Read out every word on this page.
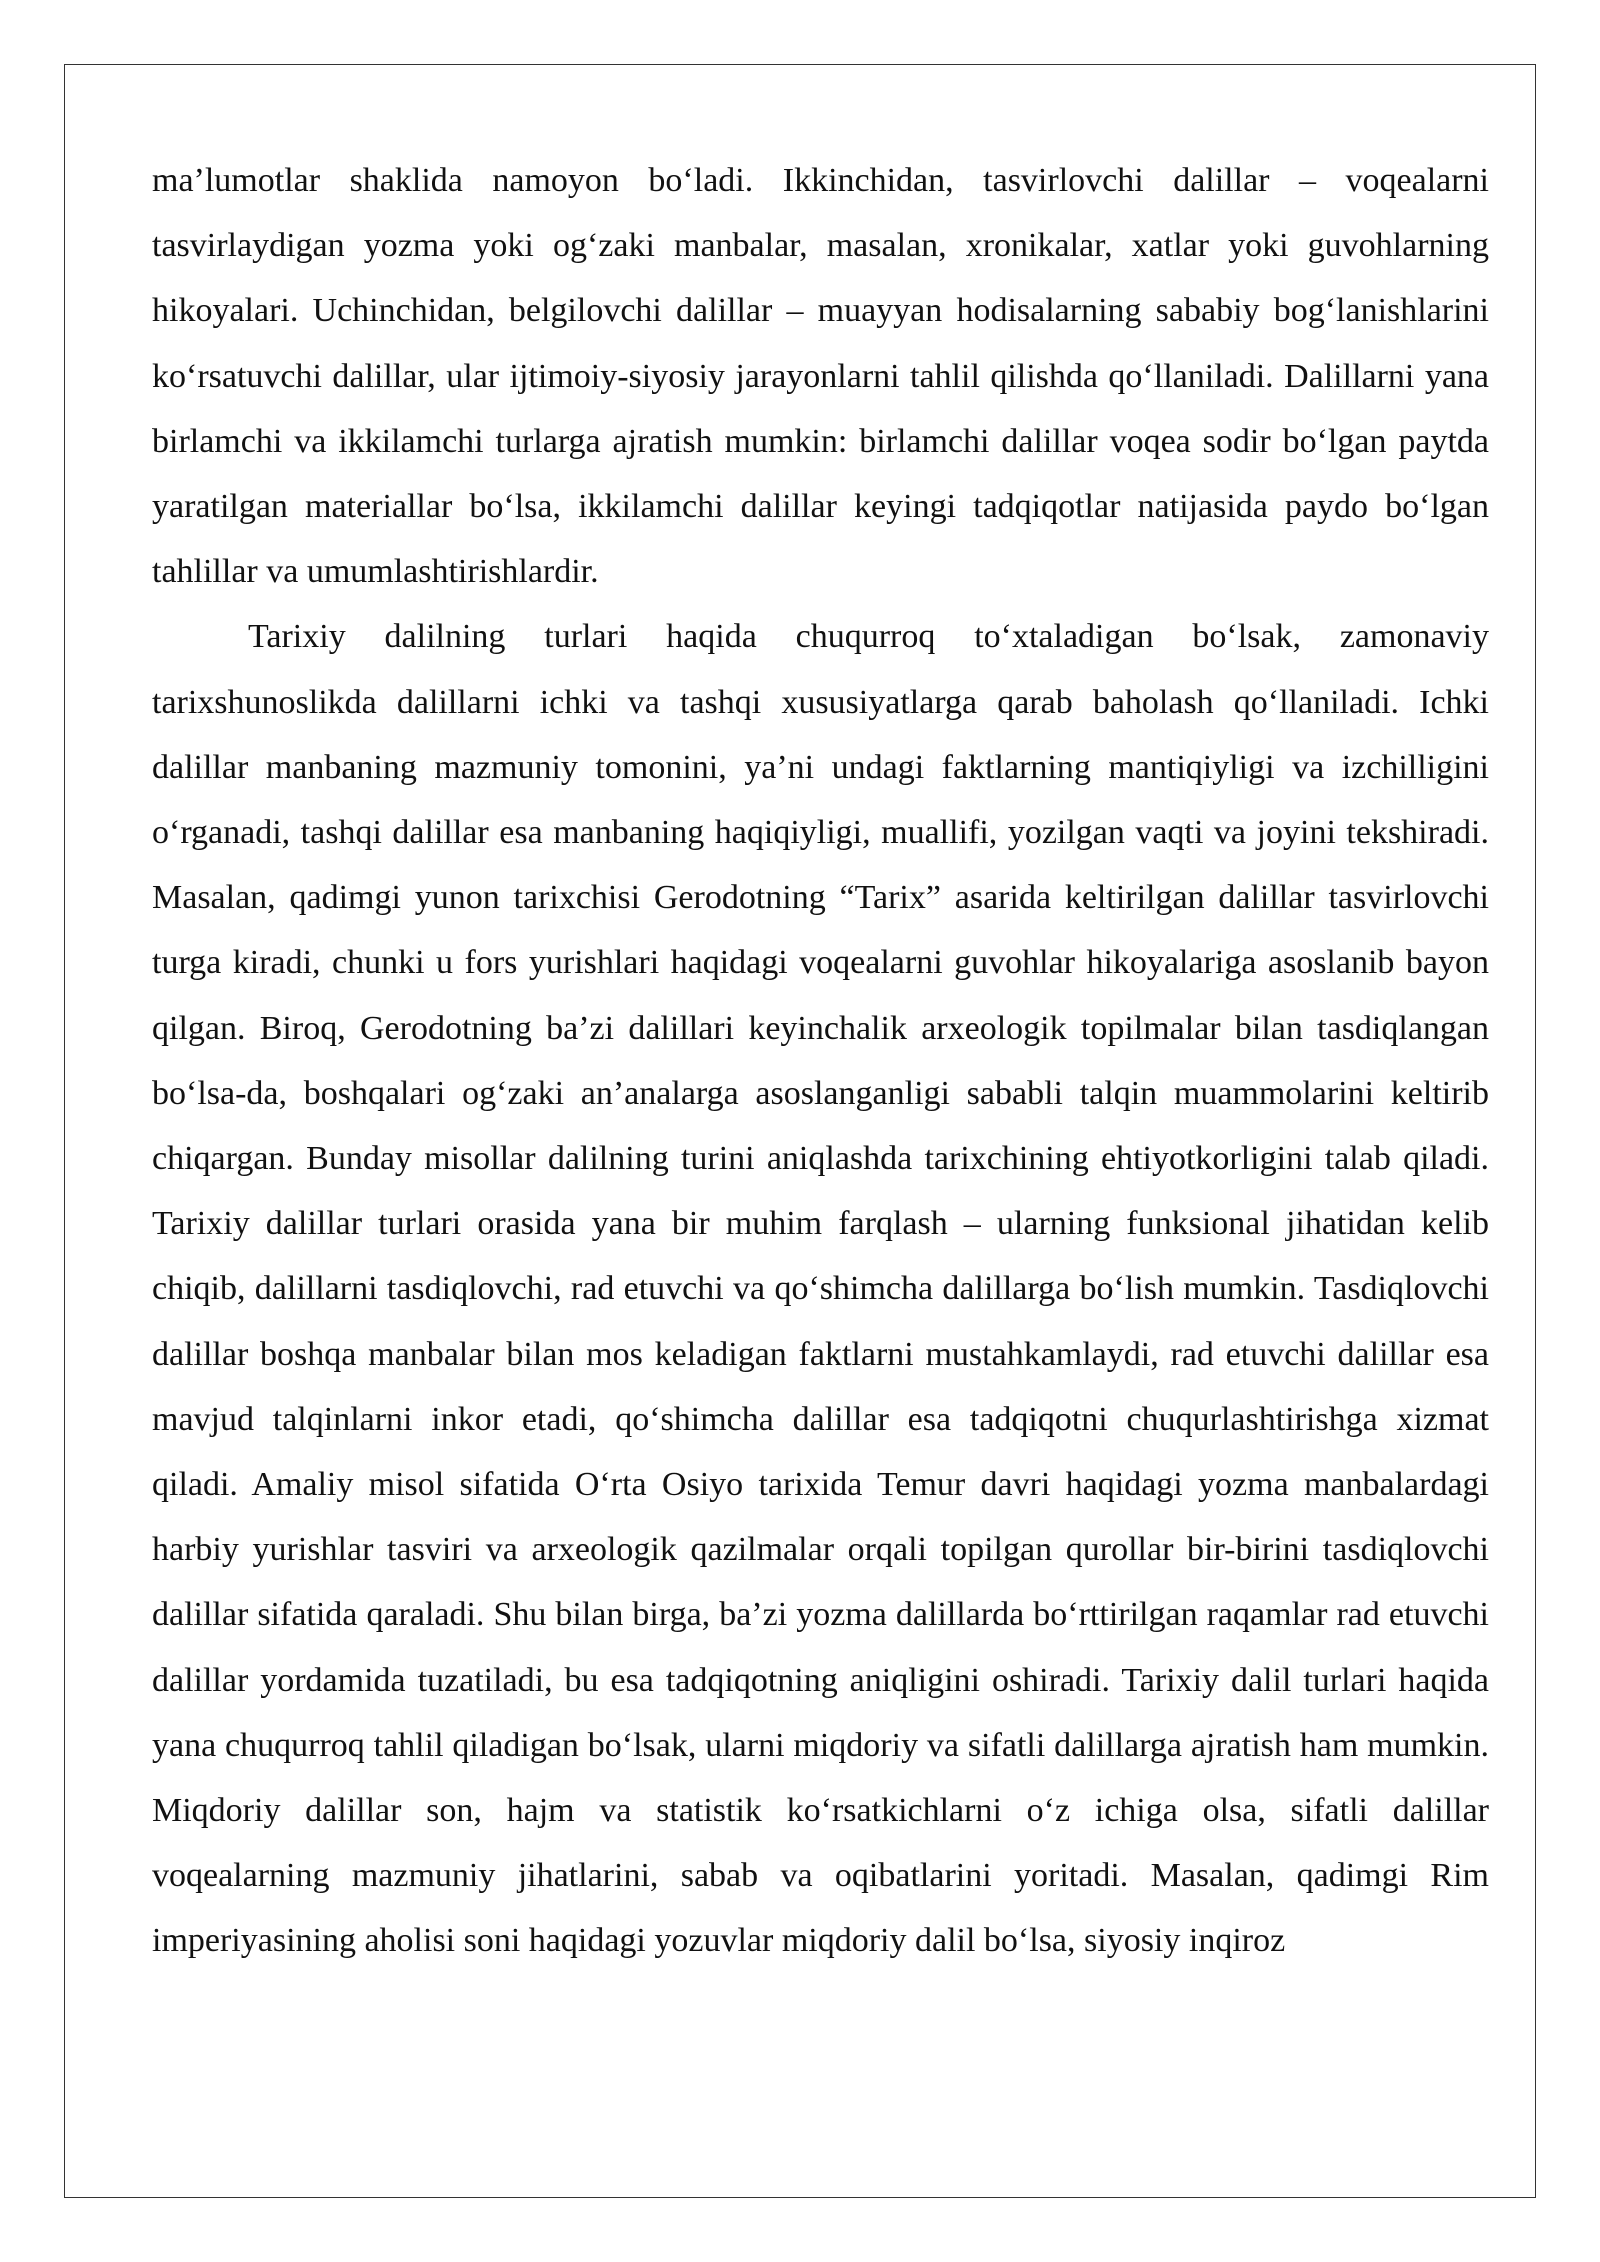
ma’lumotlar shaklida namoyon bo‘ladi. Ikkinchidan, tasvirlovchi dalillar – voqealarni tasvirlaydigan yozma yoki og‘zaki manbalar, masalan, xronikalar, xatlar yoki guvohlarning hikoyalari. Uchinchidan, belgilovchi dalillar – muayyan hodisalarning sababiy bog‘lanishlarini ko‘rsatuvchi dalillar, ular ijtimoiy-siyosiy jarayonlarni tahlil qilishda qo‘llaniladi. Dalillarni yana birlamchi va ikkilamchi turlarga ajratish mumkin: birlamchi dalillar voqea sodir bo‘lgan paytda yaratilgan materiallar bo‘lsa, ikkilamchi dalillar keyingi tadqiqotlar natijasida paydo bo‘lgan tahlillar va umumlashtirishlardir.

Tarixiy dalilning turlari haqida chuqurroq to‘xtaladigan bo‘lsak, zamonaviy tarixshunoslikda dalillarni ichki va tashqi xususiyatlarga qarab baholash qo‘llaniladi. Ichki dalillar manbaning mazmuniy tomonini, ya’ni undagi faktlarning mantiqiyligi va izchilligini o‘rganadi, tashqi dalillar esa manbaning haqiqiyligi, muallifi, yozilgan vaqti va joyini tekshiradi. Masalan, qadimgi yunon tarixchisi Gerodotning “Tarix” asarida keltirilgan dalillar tasvirlovchi turga kiradi, chunki u fors yurishlari haqidagi voqealarni guvohlar hikoyalariga asoslanib bayon qilgan. Biroq, Gerodotning ba’zi dalillari keyinchalik arxeologik topilmalar bilan tasdiqlangan bo‘lsa-da, boshqalari og‘zaki an’analarga asoslanganligi sababli talqin muammolarini keltirib chiqargan. Bunday misollar dalilning turini aniqlashda tarixchining ehtiyotkorligini talab qiladi. Tarixiy dalillar turlari orasida yana bir muhim farqlash – ularning funksional jihatidan kelib chiqib, dalillarni tasdiqlovchi, rad etuvchi va qo‘shimcha dalillarga bo‘lish mumkin. Tasdiqlovchi dalillar boshqa manbalar bilan mos keladigan faktlarni mustahkamlaydi, rad etuvchi dalillar esa mavjud talqinlarni inkor etadi, qo‘shimcha dalillar esa tadqiqotni chuqurlashtirishga xizmat qiladi. Amaliy misol sifatida O‘rta Osiyo tarixida Temur davri haqidagi yozma manbalardagi harbiy yurishlar tasviri va arxeologik qazilmalar orqali topilgan qurollar bir-birini tasdiqlovchi dalillar sifatida qaraladi. Shu bilan birga, ba’zi yozma dalillarda bo‘rttirilgan raqamlar rad etuvchi dalillar yordamida tuzatiladi, bu esa tadqiqotning aniqligini oshiradi. Tarixiy dalil turlari haqida yana chuqurroq tahlil qiladigan bo‘lsak, ularni miqdoriy va sifatli dalillarga ajratish ham mumkin. Miqdoriy dalillar son, hajm va statistik ko‘rsatkichlarni o‘z ichiga olsa, sifatli dalillar voqealarning mazmuniy jihatlarini, sabab va oqibatlarini yoritadi. Masalan, qadimgi Rim imperiyasining aholisi soni haqidagi yozuvlar miqdoriy dalil bo‘lsa, siyosiy inqiroz
